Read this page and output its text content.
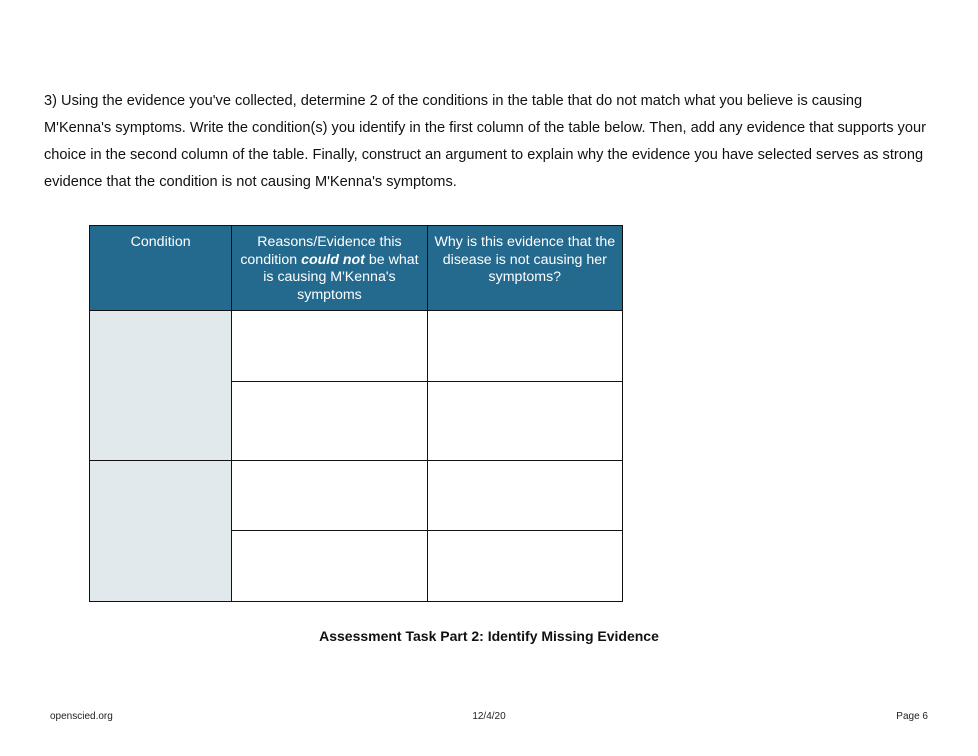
3) Using the evidence you've collected, determine 2 of the conditions in the table that do not match what you believe is causing M'Kenna's symptoms. Write the condition(s) you identify in the first column of the table below. Then, add any evidence that supports your choice in the second column of the table. Finally, construct an argument to explain why the evidence you have selected serves as strong evidence that the condition is not causing M'Kenna's symptoms.

Condition	Reasons/Evidence this condition could not be what is causing M'Kenna's symptoms	Why is this evidence that the disease is not causing her symptoms?

Assessment Task Part 2: Identify Missing Evidence

openscied.org	12/4/20	Page 6
